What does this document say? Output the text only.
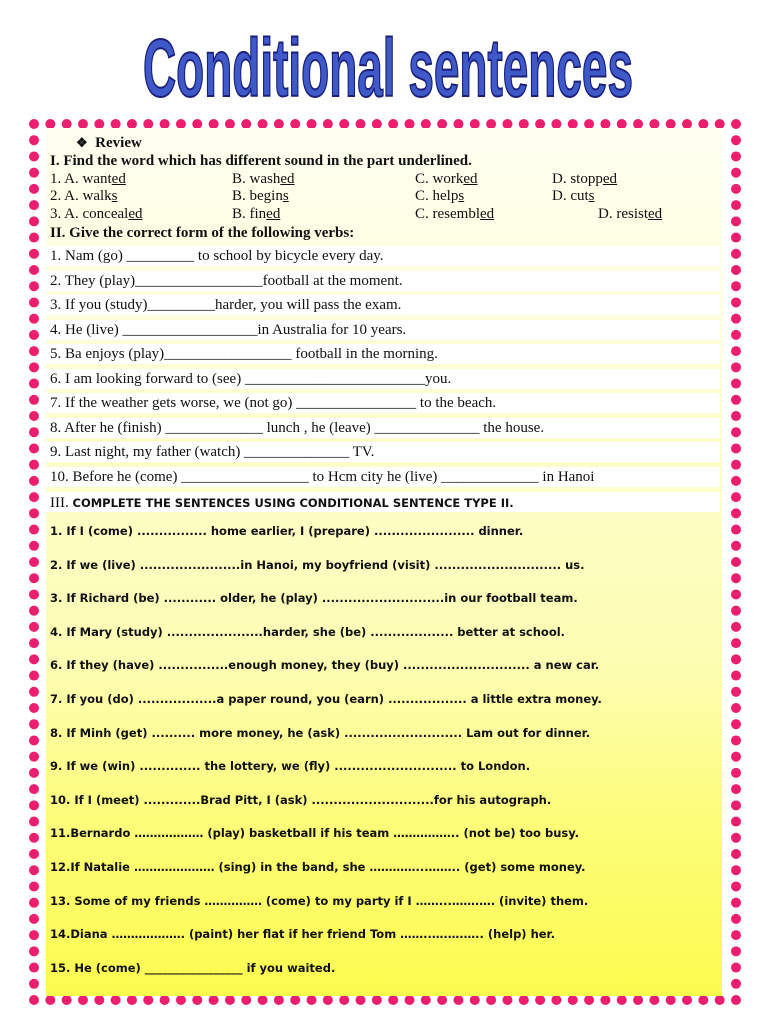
Conditional sentences
❖ Review
I. Find the word which has different sound in the part underlined.
1. A. wanted	B. washed	C. worked	D. stopped
2. A. walks	B. begins	C. helps	D. cuts
3. A. concealed	B. fined	C. resembled	D. resisted
II. Give the correct form of the following verbs:
1. Nam (go) _________ to school by bicycle every day.
2. They (play)_________________football at the moment.
3. If you (study)_________harder, you will pass the exam.
4. He (live) __________________in Australia for 10 years.
5. Ba enjoys (play)_________________ football in the morning.
6. I am looking forward to (see) ________________________you.
7. If the weather gets worse, we (not go) ________________ to the beach.
8. After he (finish) _____________ lunch , he (leave) ______________ the house.
9. Last night, my father (watch) ______________ TV.
10. Before he (come) _________________ to Hcm city he (live) _____________ in Hanoi
III. COMPLETE THE SENTENCES USING CONDITIONAL SENTENCE TYPE II.
1. If I (come) ................ home earlier, I (prepare) ....................... dinner.
2. If we (live) .......................in Hanoi, my boyfriend (visit) ............................. us.
3. If Richard (be) ............ older, he (play) ............................in our football team.
4. If Mary (study) ......................harder, she (be) ................... better at school.
6. If they (have) ................enough money, they (buy) ............................. a new car.
7. If you (do) ..................a paper round, you (earn) .................. a little extra money.
8. If Minh (get) .......... more money, he (ask) ........................... Lam out for dinner.
9. If we (win) .............. the lottery, we (fly) ............................ to London.
10. If I (meet) .............Brad Pitt, I (ask) ............................for his autograph.
11.Bernardo ……………… (play) basketball if his team …………….. (not be) too busy.
12.If Natalie ………………… (sing) in the band, she …………...…….. (get) some money.
13. Some of my friends …………… (come) to my party if I ……...…….…. (invite) them.
14.Diana ………………. (paint) her flat if her friend Tom ……..….….….. (help) her.
15. He (come) _________________ if you waited.
